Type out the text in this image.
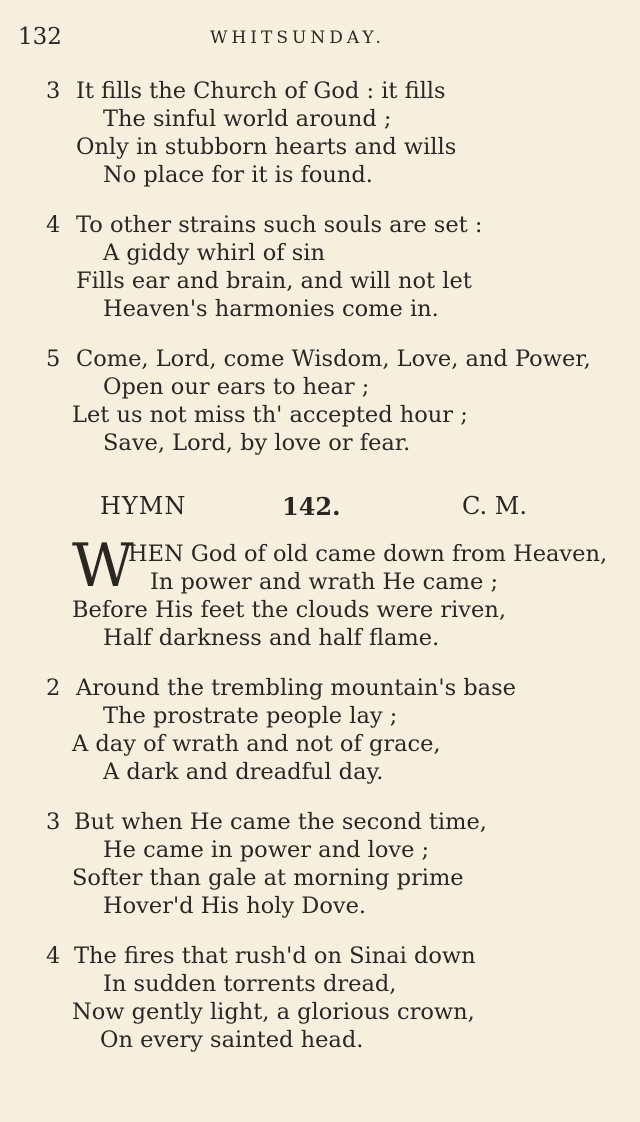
132	WHITSUNDAY.
3 It fills the Church of God : it fills
The sinful world around ;
Only in stubborn hearts and wills
No place for it is found.
4 To other strains such souls are set :
A giddy whirl of sin
Fills ear and brain, and will not let
Heaven's harmonies come in.
5 Come, Lord, come Wisdom, Love, and Power,
Open our ears to hear ;
Let us not miss th' accepted hour ;
Save, Lord, by love or fear.
HYMN	142.	C. M.
W
HEN God of old came down from Heaven,
In power and wrath He came ;
Before His feet the clouds were riven,
Half darkness and half flame.
2 Around the trembling mountain's base
The prostrate people lay ;
A day of wrath and not of grace,
A dark and dreadful day.
3 But when He came the second time,
He came in power and love ;
Softer than gale at morning prime
Hover'd His holy Dove.
4 The fires that rush'd on Sinai down
In sudden torrents dread,
Now gently light, a glorious crown,
On every sainted head.
